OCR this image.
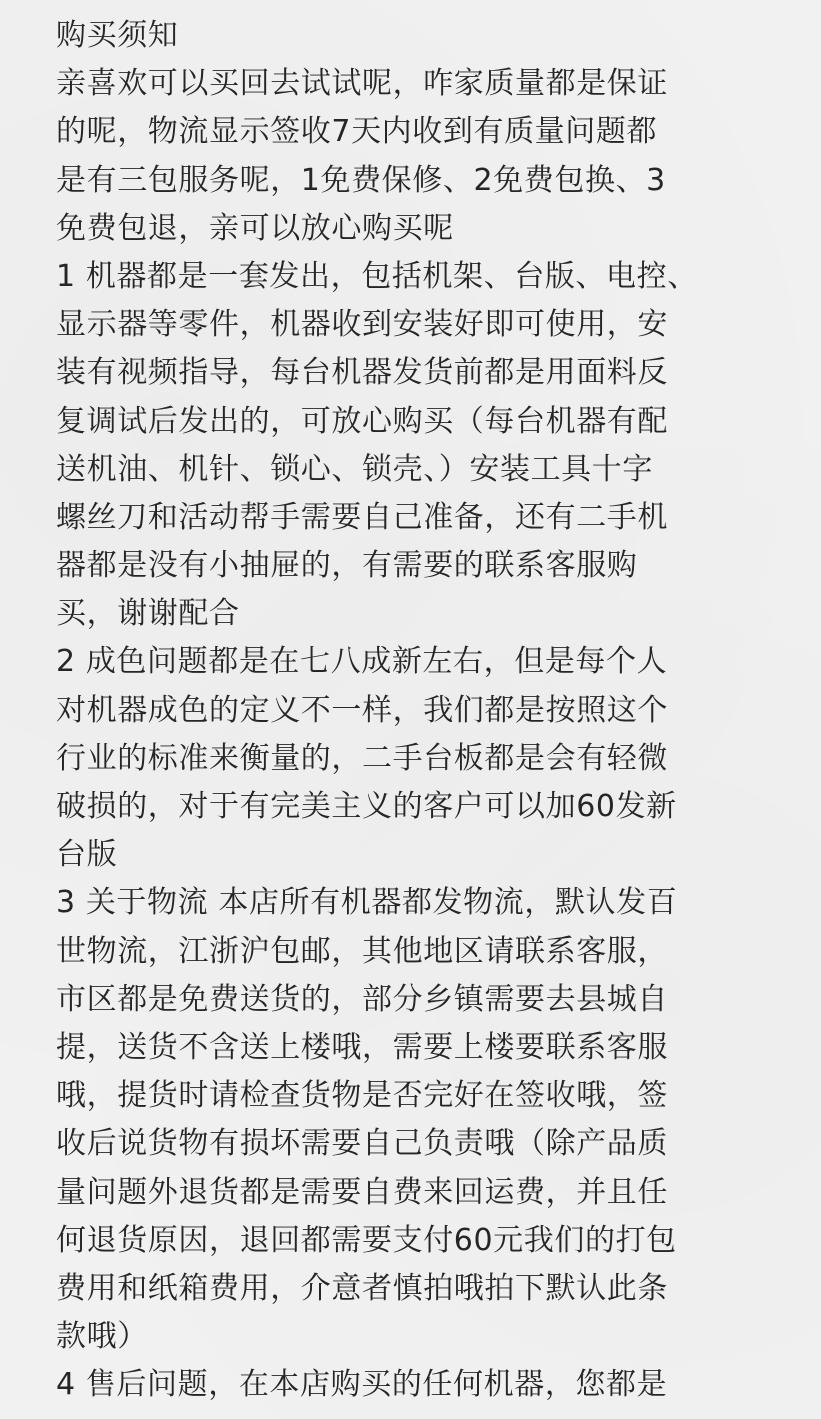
购买须知
亲喜欢可以买回去试试呢，咋家质量都是保证
的呢，物流显示签收7天内收到有质量问题都
是有三包服务呢，1免费保修、2免费包换、3
免费包退，亲可以放心购买呢
1 机器都是一套发出，包括机架、台版、电控、
显示器等零件，机器收到安装好即可使用，安
装有视频指导，每台机器发货前都是用面料反
复调试后发出的，可放心购买（每台机器有配
送机油、机针、锁心、锁壳、）安装工具十字
螺丝刀和活动帮手需要自己准备，还有二手机
器都是没有小抽屉的，有需要的联系客服购
买，谢谢配合
2 成色问题都是在七八成新左右，但是每个人
对机器成色的定义不一样，我们都是按照这个
行业的标准来衡量的，二手台板都是会有轻微
破损的，对于有完美主义的客户可以加60发新
台版
3 关于物流 本店所有机器都发物流，默认发百
世物流，江浙沪包邮，其他地区请联系客服，
市区都是免费送货的，部分乡镇需要去县城自
提，送货不含送上楼哦，需要上楼要联系客服
哦，提货时请检查货物是否完好在签收哦，签
收后说货物有损坏需要自己负责哦（除产品质
量问题外退货都是需要自费来回运费，并且任
何退货原因，退回都需要支付60元我们的打包
费用和纸箱费用，介意者慎拍哦拍下默认此条
款哦）
4 售后问题，在本店购买的任何机器，您都是
